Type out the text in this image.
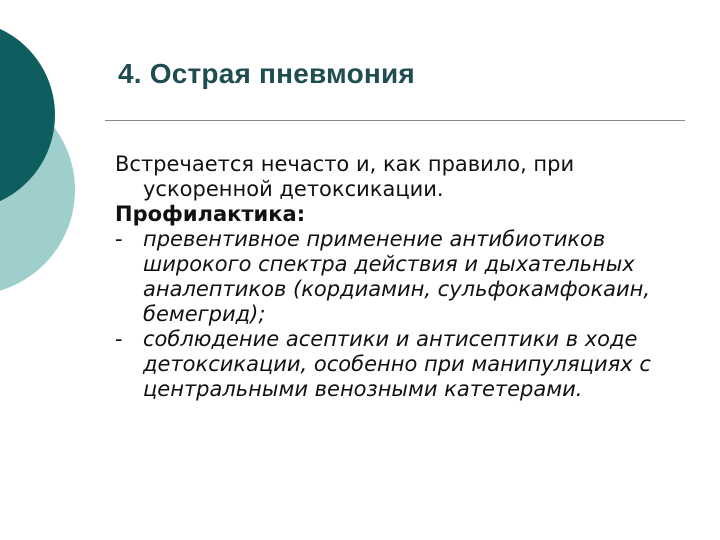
4. Острая пневмония

Встречается нечасто и, как правило, при ускоренной детоксикации.

Профилактика:

- превентивное применение антибиотиков широкого спектра действия и дыхательных аналептиков (кордиамин, сульфокамфокаин, бемегрид);

- соблюдение асептики и антисептики в ходе детоксикации, особенно при манипуляциях с центральными венозными катетерами.
